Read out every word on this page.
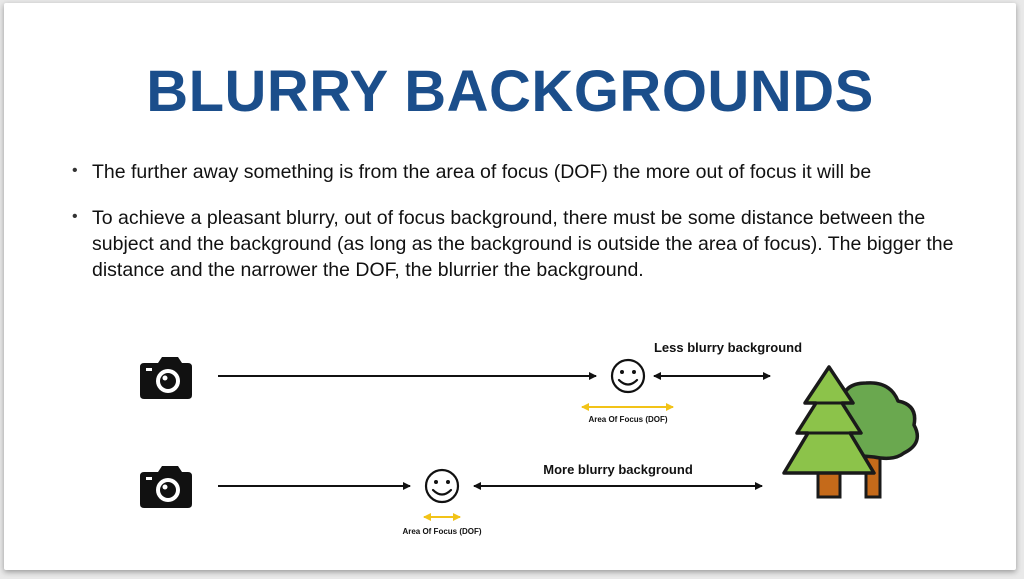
BLURRY BACKGROUNDS
• The further away something is from the area of focus (DOF) the more out of focus it will be
• To achieve a pleasant blurry, out of focus background, there must be some distance between the subject and the background (as long as the background is outside the area of focus). The bigger the distance and the narrower the DOF, the blurrier the background.
Less blurry background
Area Of Focus (DOF)
More blurry background
Area Of Focus (DOF)
